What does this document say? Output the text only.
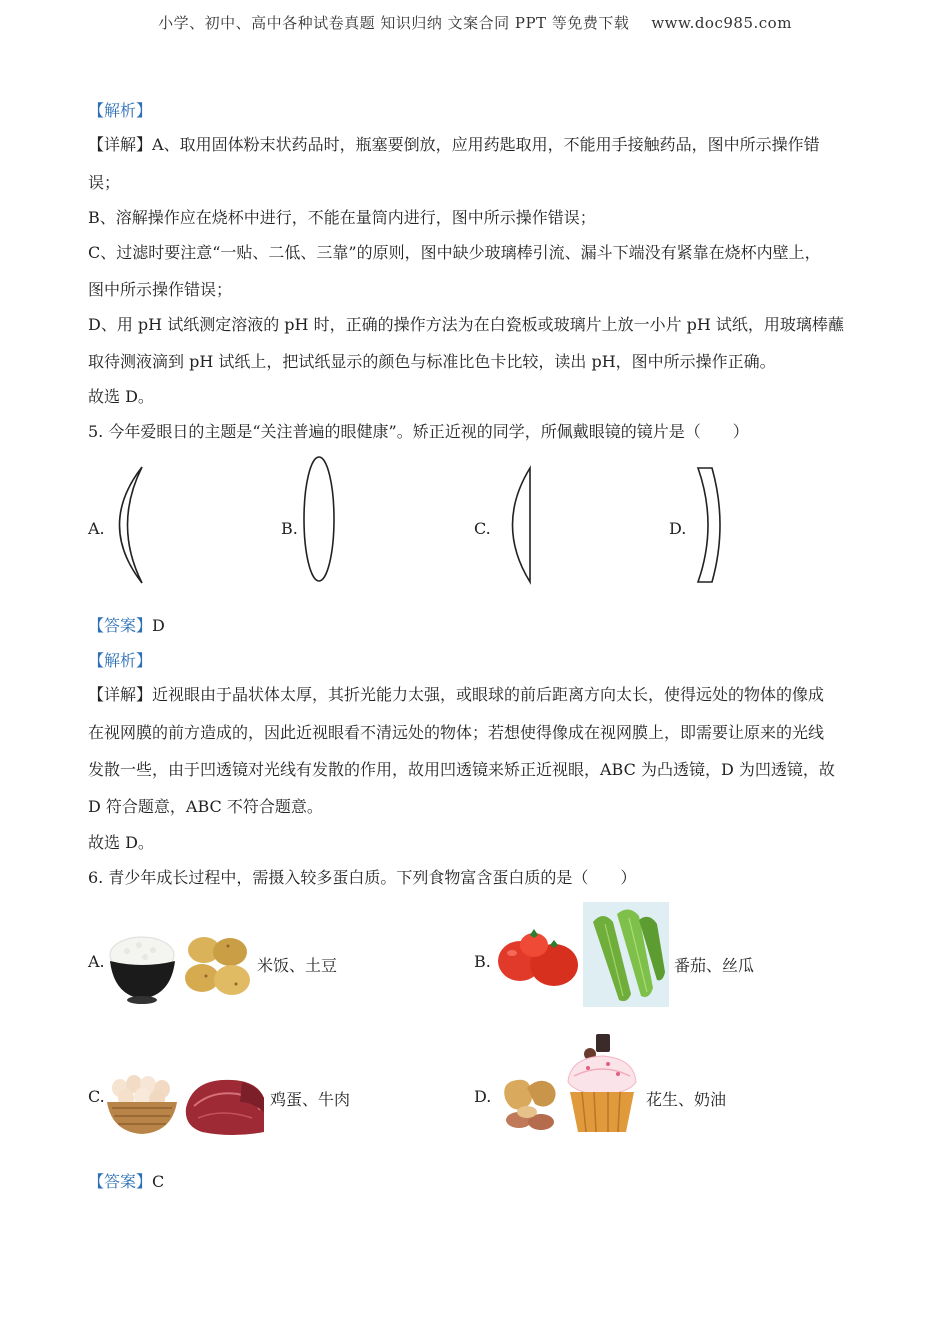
小学、初中、高中各种试卷真题 知识归纳 文案合同 PPT 等免费下载 www.doc985.com
【解析】
【详解】A、取用固体粉末状药品时，瓶塞要倒放，应用药匙取用，不能用手接触药品，图中所示操作错
误；
B、溶解操作应在烧杯中进行，不能在量筒内进行，图中所示操作错误；
C、过滤时要注意“一贴、二低、三靠”的原则，图中缺少玻璃棒引流、漏斗下端没有紧靠在烧杯内壁上，
图中所示操作错误；
D、用 pH 试纸测定溶液的 pH 时，正确的操作方法为在白瓷板或玻璃片上放一小片 pH 试纸，用玻璃棒蘸
取待测液滴到 pH 试纸上，把试纸显示的颜色与标准比色卡比较，读出 pH，图中所示操作正确。
故选 D。
5. 今年爱眼日的主题是“关注普遍的眼健康”。矫正近视的同学，所佩戴眼镜的镜片是（　　）
A.	B.	C.	D.
【答案】D
【解析】
【详解】近视眼由于晶状体太厚，其折光能力太强，或眼球的前后距离方向太长，使得远处的物体的像成
在视网膜的前方造成的，因此近视眼看不清远处的物体；若想使得像成在视网膜上，即需要让原来的光线
发散一些，由于凹透镜对光线有发散的作用，故用凹透镜来矫正近视眼，ABC 为凸透镜，D 为凹透镜，故
D 符合题意，ABC 不符合题意。
故选 D。
6. 青少年成长过程中，需摄入较多蛋白质。下列食物富含蛋白质的是（　　）
A.	米饭、土豆	B.	番茄、丝瓜
C.	鸡蛋、牛肉	D.	花生、奶油
【答案】C
